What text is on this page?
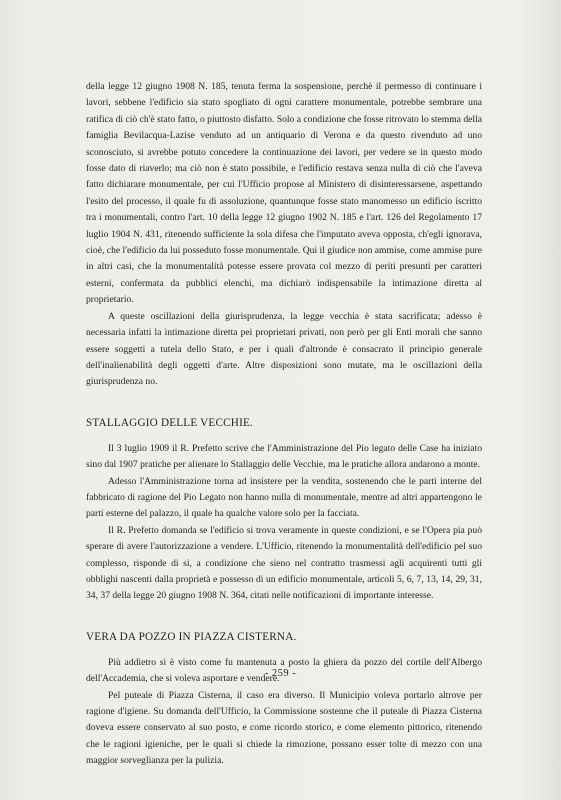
della legge 12 giugno 1908 N. 185, tenuta ferma la sospensione, perchè il permesso di continuare i lavori, sebbene l'edificio sia stato spogliato di ogni carattere monumentale, potrebbe sembrare una ratifica di ciò ch'è stato fatto, o piuttosto disfatto. Solo a condizione che fosse ritrovato lo stemma della famiglia Bevilacqua-Lazise venduto ad un antiquario di Verona e da questo rivenduto ad uno sconosciuto, si avrebbe potuto concedere la continuazione dei lavori, per vedere se in questo modo fosse dato di riaverlo; ma ciò non è stato possibile, e l'edificio restava senza nulla di ciò che l'aveva fatto dichiarare monumentale, per cui l'Ufficio propose al Ministero di disinteressarsene, aspettando l'esito del processo, il quale fu di assoluzione, quantunque fosse stato manomesso un edificio iscritto tra i monumentali, contro l'art. 10 della legge 12 giugno 1902 N. 185 e l'art. 126 del Regolamento 17 luglio 1904 N. 431, ritenendo sufficiente la sola difesa che l'imputato aveva opposta, ch'egli ignorava, cioè, che l'edificio da lui posseduto fosse monumentale. Qui il giudice non ammise, come ammise pure in altri casi, che la monumentalità potesse essere provata col mezzo di periti presunti per caratteri esterni, confermata da pubblici elenchi, ma dichiarò indispensabile la intimazione diretta al proprietario.

A queste oscillazioni della giurisprudenza, la legge vecchia è stata sacrificata; adesso è necessaria infatti la intimazione diretta pei proprietari privati, non però per gli Enti morali che sanno essere soggetti a tutela dello Stato, e per i quali d'altronde è consacrato il principio generale dell'inalienabilità degli oggetti d'arte. Altre disposizioni sono mutate, ma le oscillazioni della giurisprudenza no.

STALLAGGIO DELLE VECCHIE.

Il 3 luglio 1909 il R. Prefetto scrive che l'Amministrazione del Pio legato delle Case ha iniziato sino dal 1907 pratiche per alienare lo Stallaggio delle Vecchie, ma le pratiche allora andarono a monte.

Adesso l'Amministrazione torna ad insistere per la vendita, sostenendo che le parti interne del fabbricato di ragione del Pio Legato non hanno nulla di monumentale, mentre ad altri appartengono le parti esterne del palazzo, il quale ha qualche valore solo per la facciata.

Il R. Prefetto domanda se l'edificio si trova veramente in queste condizioni, e se l'Opera pia può sperare di avere l'autorizzazione a vendere. L'Ufficio, ritenendo la monumentalità dell'edificio pel suo complesso, risponde di sì, a condizione che sieno nel contratto trasmessi agli acquirenti tutti gli obblighi nascenti dalla proprietà e possesso di un edificio monumentale, articoli 5, 6, 7, 13, 14, 29, 31, 34, 37 della legge 20 giugno 1908 N. 364, citati nelle notificazioni di importante interesse.

VERA DA POZZO IN PIAZZA CISTERNA.

Più addietro si è visto come fu mantenuta a posto la ghiera da pozzo del cortile dell'Albergo dell'Accademia, che si voleva asportare e vendere.

Pel puteale di Piazza Cisterna, il caso era diverso. Il Municipio voleva portarlo altrove per ragione d'igiene. Su domanda dell'Ufficio, la Commissione sostenne che il puteale di Piazza Cisterna doveva essere conservato al suo posto, e come ricordo storico, e come elemento pittorico, ritenendo che le ragioni igieniche, per le quali si chiede la rimozione, possano esser tolte di mezzo con una maggior sorveglianza per la pulizia.

- 259 -
